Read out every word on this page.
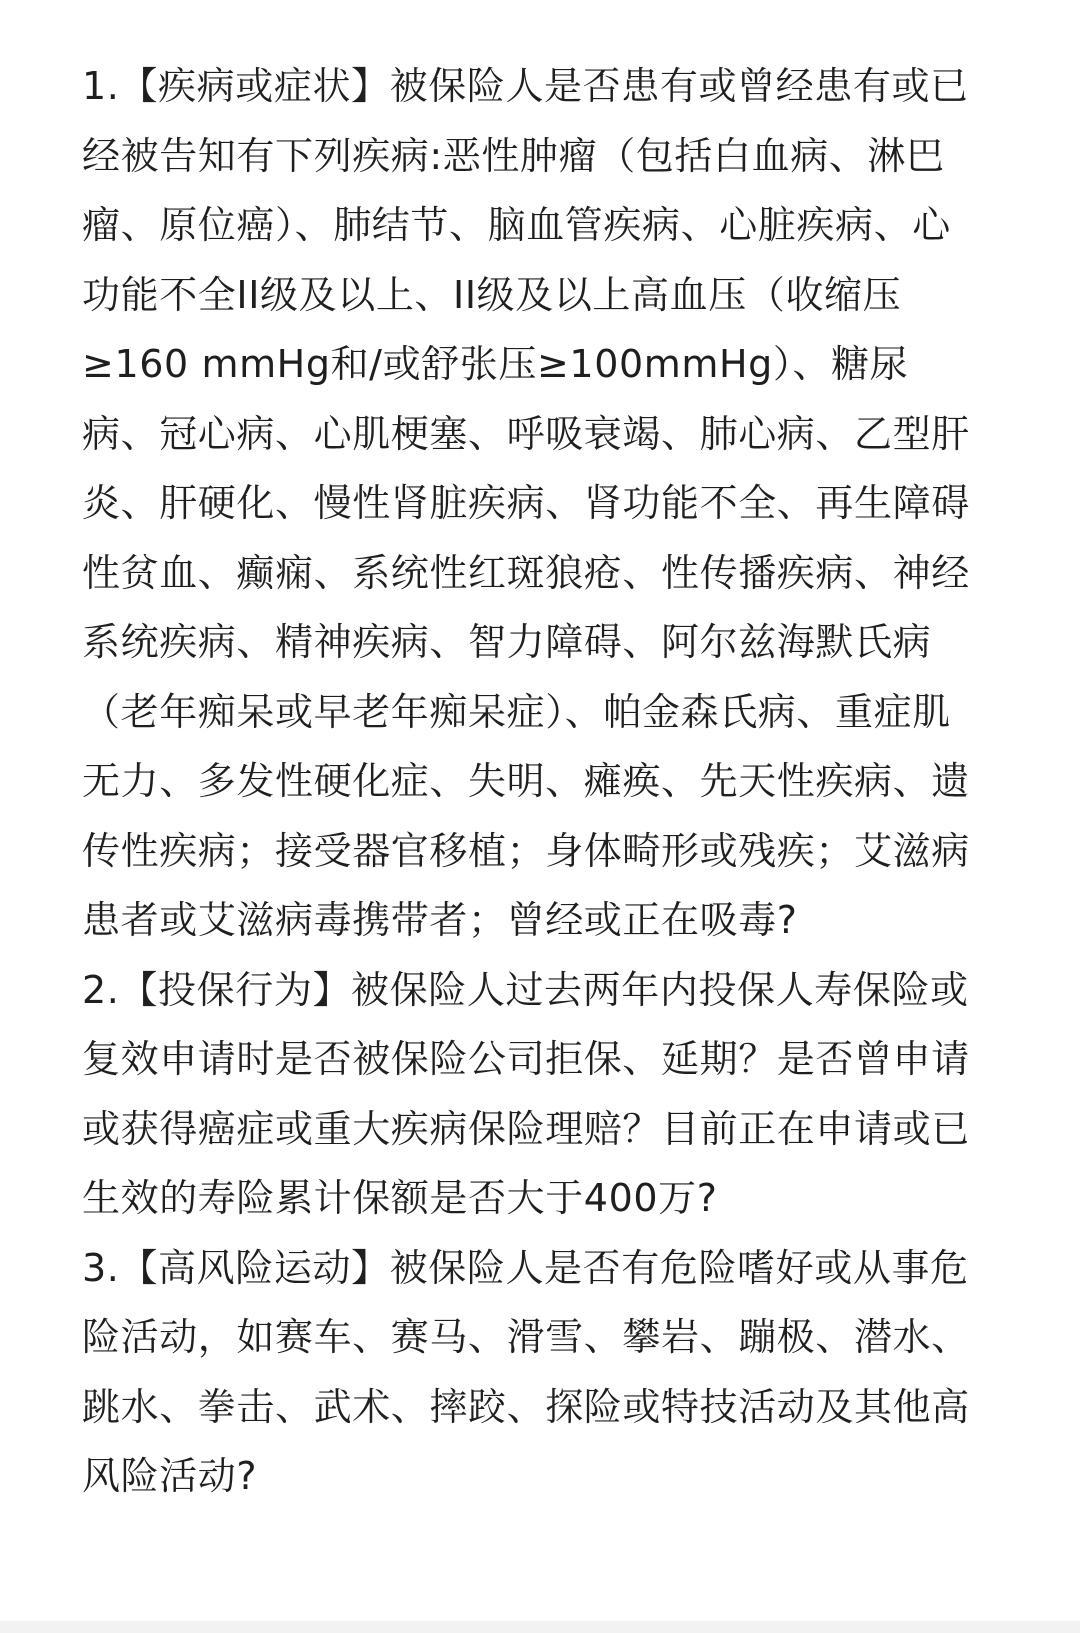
1.【疾病或症状】被保险人是否患有或曾经患有或已经被告知有下列疾病:恶性肿瘤（包括白血病、淋巴瘤、原位癌）、肺结节、脑血管疾病、心脏疾病、心功能不全II级及以上、II级及以上高血压（收缩压≥160 mmHg和/或舒张压≥100mmHg）、糖尿病、冠心病、心肌梗塞、呼吸衰竭、肺心病、乙型肝炎、肝硬化、慢性肾脏疾病、肾功能不全、再生障碍性贫血、癫痫、系统性红斑狼疮、性传播疾病、神经系统疾病、精神疾病、智力障碍、阿尔兹海默氏病（老年痴呆或早老年痴呆症）、帕金森氏病、重症肌无力、多发性硬化症、失明、瘫痪、先天性疾病、遗传性疾病；接受器官移植；身体畸形或残疾；艾滋病患者或艾滋病毒携带者；曾经或正在吸毒?

2.【投保行为】被保险人过去两年内投保人寿保险或复效申请时是否被保险公司拒保、延期？是否曾申请或获得癌症或重大疾病保险理赔？目前正在申请或已生效的寿险累计保额是否大于400万?

3.【高风险运动】被保险人是否有危险嗜好或从事危险活动，如赛车、赛马、滑雪、攀岩、蹦极、潜水、跳水、拳击、武术、摔跤、探险或特技活动及其他高风险活动?
